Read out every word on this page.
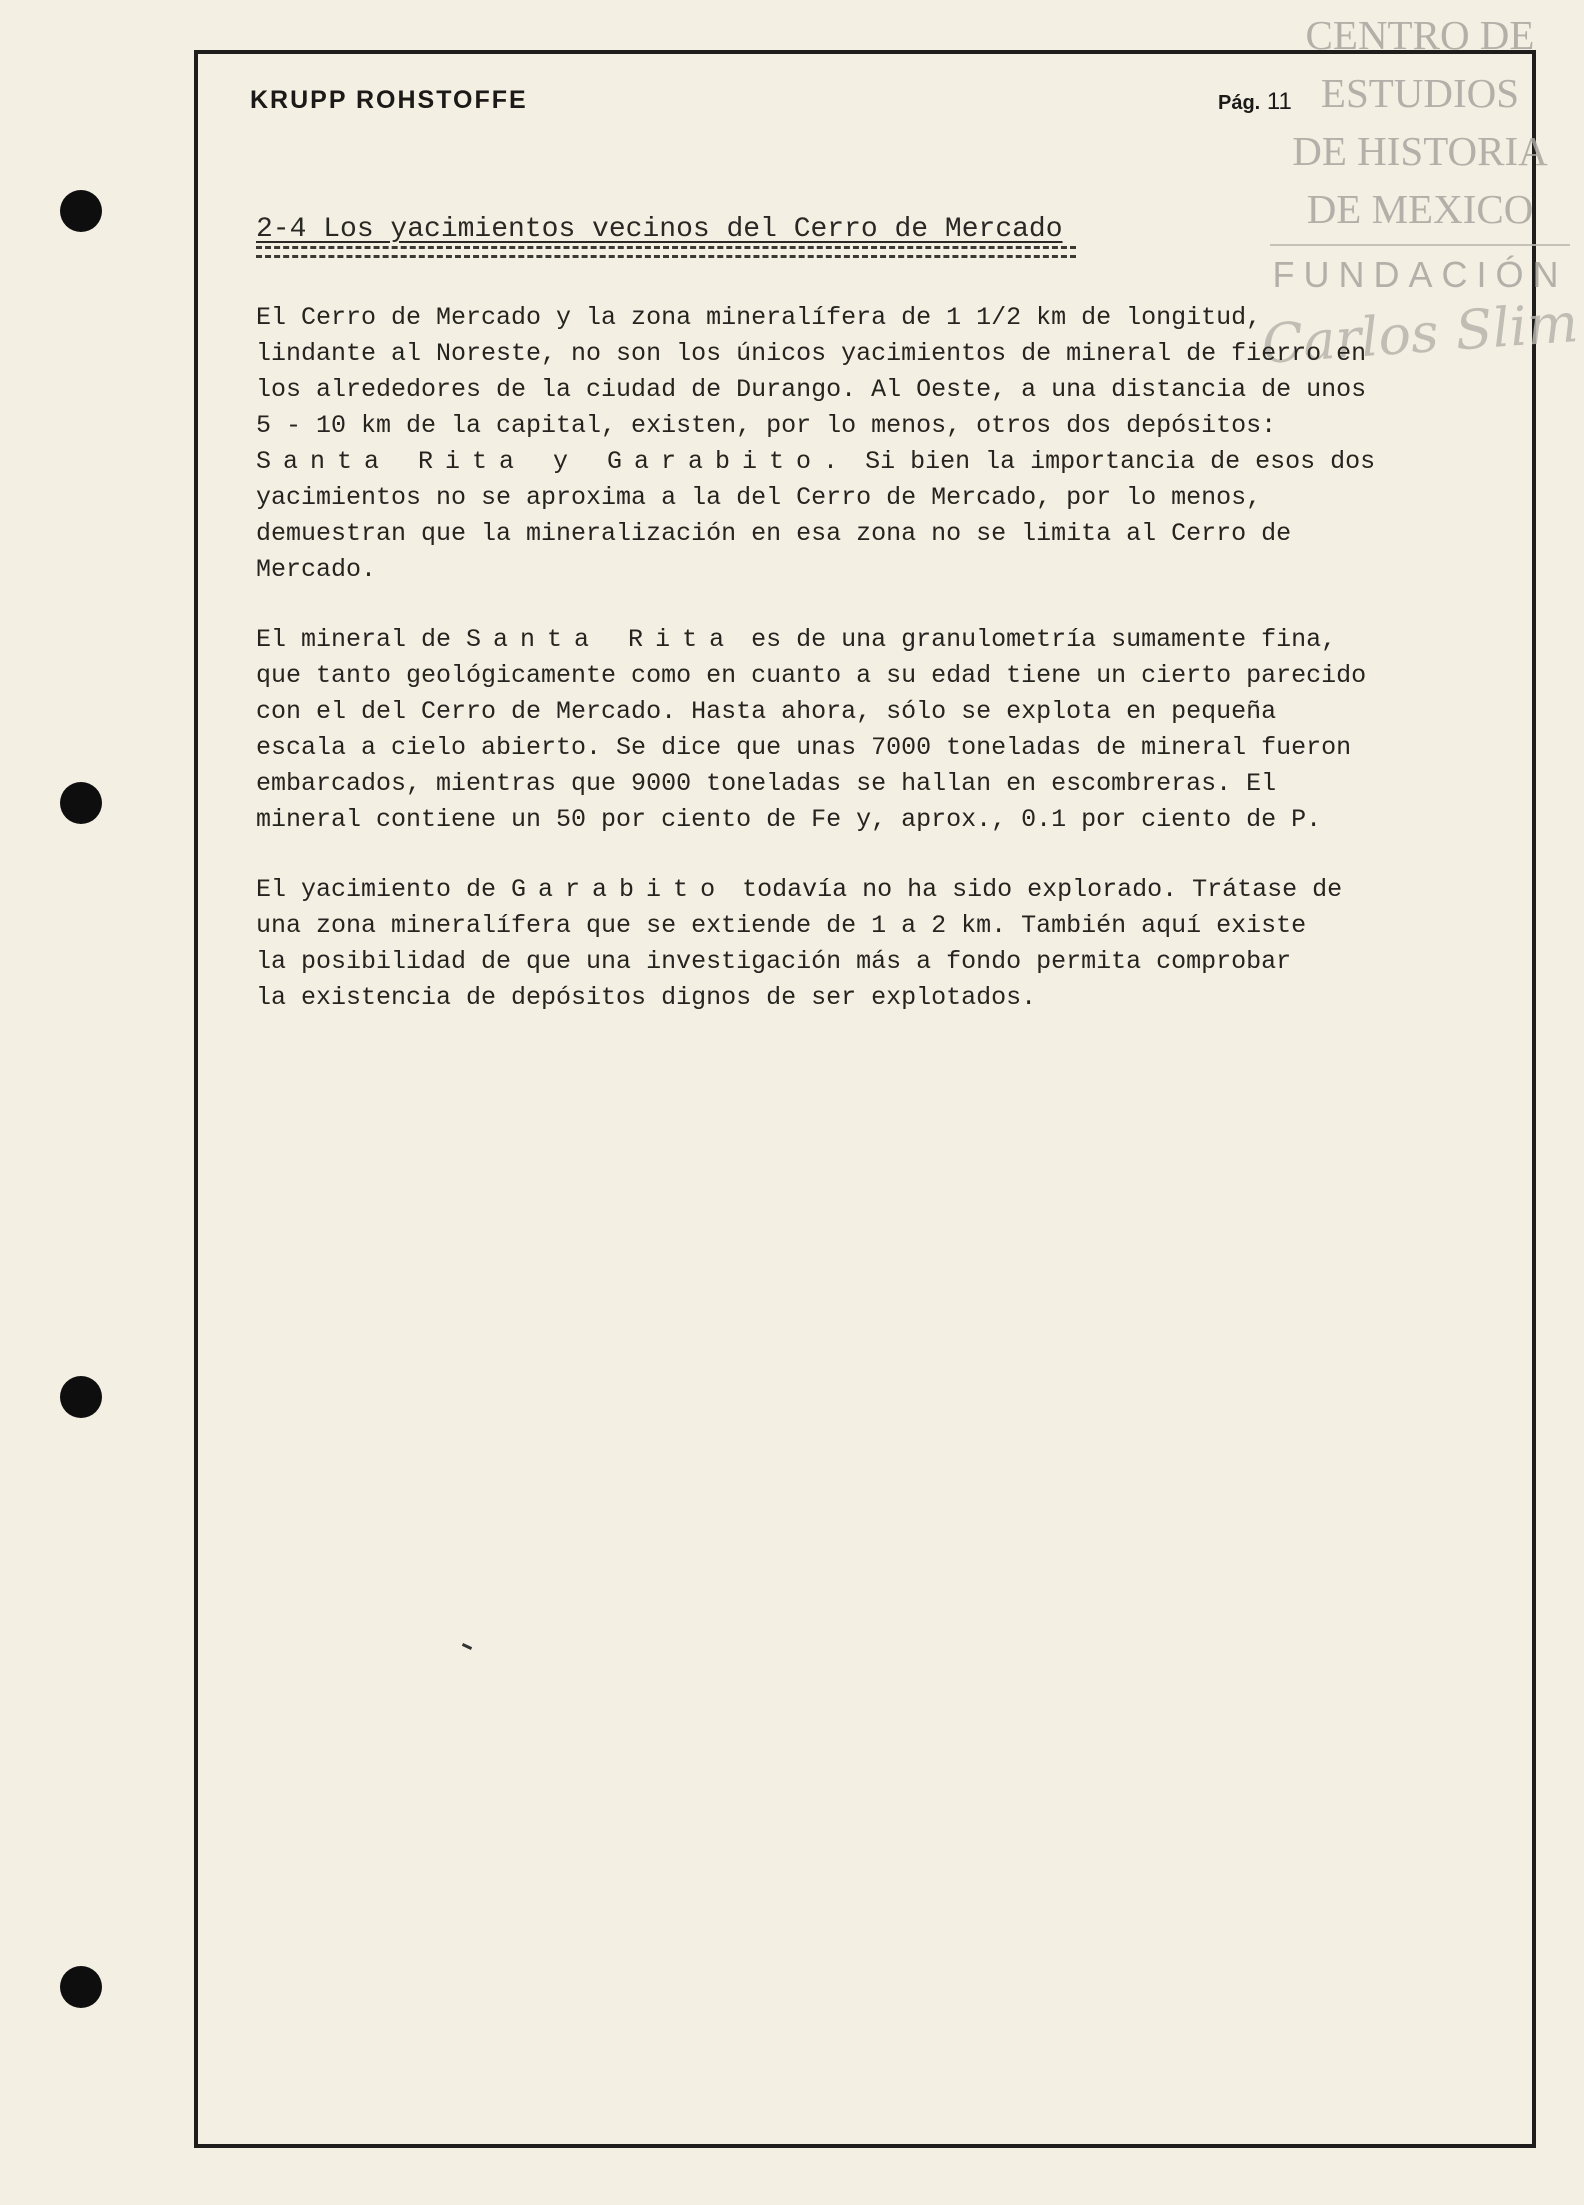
CENTRO DE
ESTUDIOS
DE HISTORIA
DE MEXICO
FUNDACIÓN
Carlos Slim
KRUPP ROHSTOFFE	Pág. 11
2-4 Los yacimientos vecinos del Cerro de Mercado

El Cerro de Mercado y la zona mineralífera de 1 1/2 km de longitud,
lindante al Noreste, no son los únicos yacimientos de mineral de fierro en
los alrededores de la ciudad de Durango. Al Oeste, a una distancia de unos
5 - 10 km de la capital, existen, por lo menos, otros dos depósitos:
Santa Rita y Garabito. Si bien la importancia de esos dos
yacimientos no se aproxima a la del Cerro de Mercado, por lo menos,
demuestran que la mineralización en esa zona no se limita al Cerro de
Mercado.

El mineral de Santa Rita es de una granulometría sumamente fina,
que tanto geológicamente como en cuanto a su edad tiene un cierto parecido
con el del Cerro de Mercado. Hasta ahora, sólo se explota en pequeña
escala a cielo abierto. Se dice que unas 7000 toneladas de mineral fueron
embarcados, mientras que 9000 toneladas se hallan en escombreras. El
mineral contiene un 50 por ciento de Fe y, aprox., 0.1 por ciento de P.

El yacimiento de Garabito todavía no ha sido explorado. Trátase de
una zona mineralífera que se extiende de 1 a 2 km. También aquí existe
la posibilidad de que una investigación más a fondo permita comprobar
la existencia de depósitos dignos de ser explotados.
